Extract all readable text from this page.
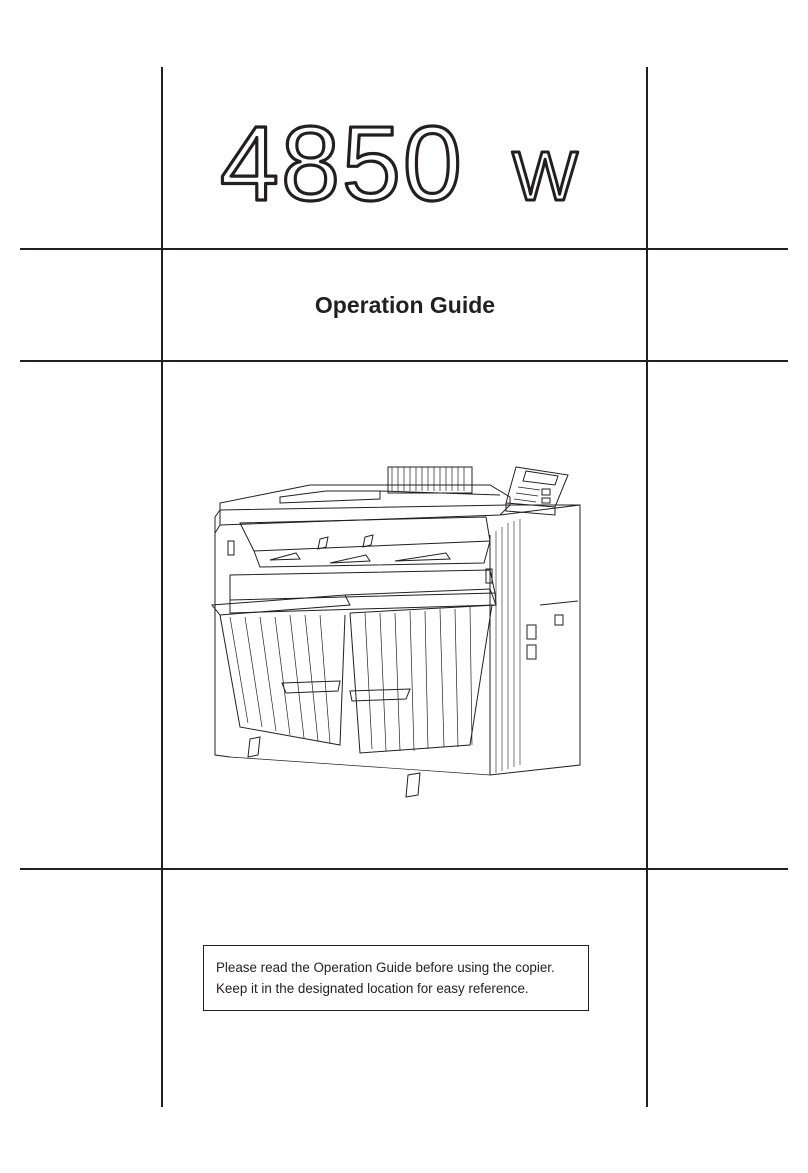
4850 W
Operation Guide
Please read the Operation Guide before using the copier.
Keep it in the designated location for easy reference.
